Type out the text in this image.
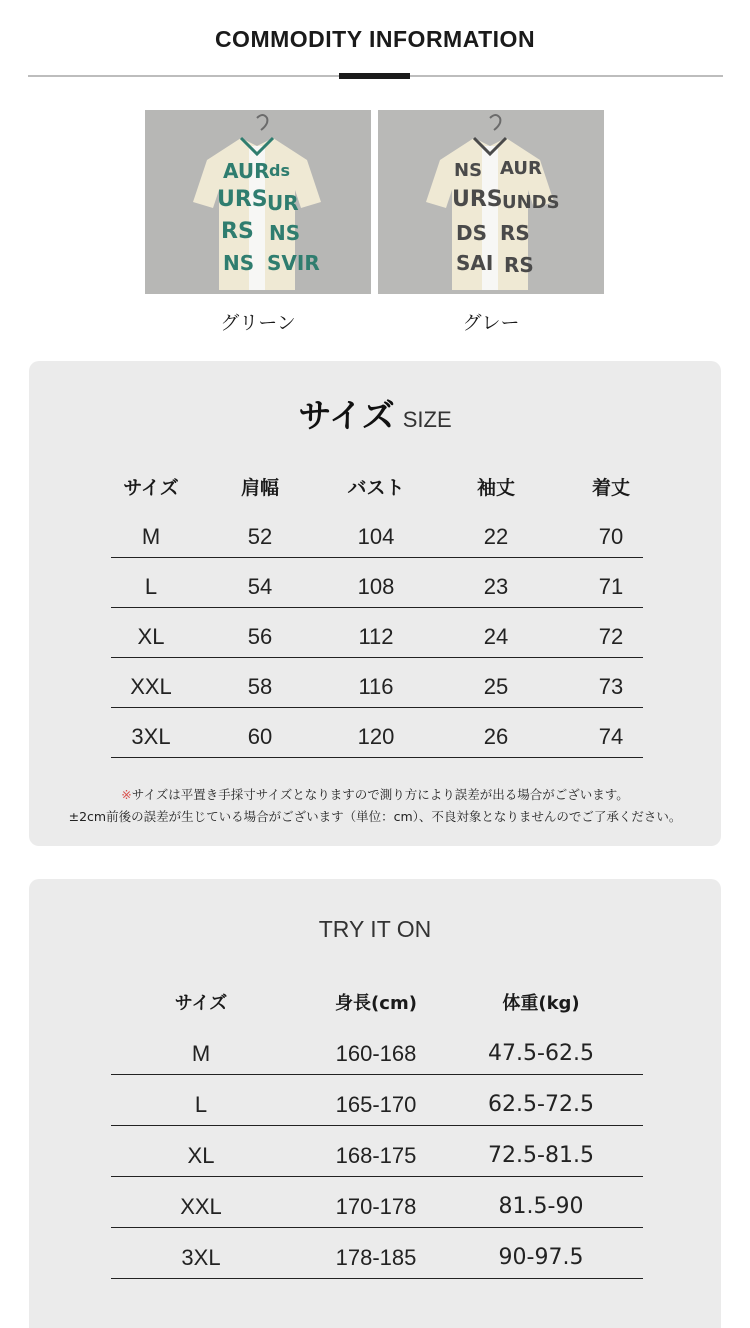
COMMODITY INFORMATION
AUR ds
URS UR
RS NS
NS SVIR
NS AUR
URS UNDS
DS RS
SAI RS
グリーン	グレー
サイズ SIZE
サイズ	肩幅	バスト	袖丈	着丈
M	52	104	22	70
L	54	108	23	71
XL	56	112	24	72
XXL	58	116	25	73
3XL	60	120	26	74
※サイズは平置き手採寸サイズとなりますので測り方により誤差が出る場合がございます。
±2cm前後の誤差が生じている場合がございます（単位：cm）、不良対象となりませんのでご了承ください。
TRY IT ON
サイズ	身長(cm)	体重(kg)
M	160-168	47.5-62.5
L	165-170	62.5-72.5
XL	168-175	72.5-81.5
XXL	170-178	81.5-90
3XL	178-185	90-97.5
